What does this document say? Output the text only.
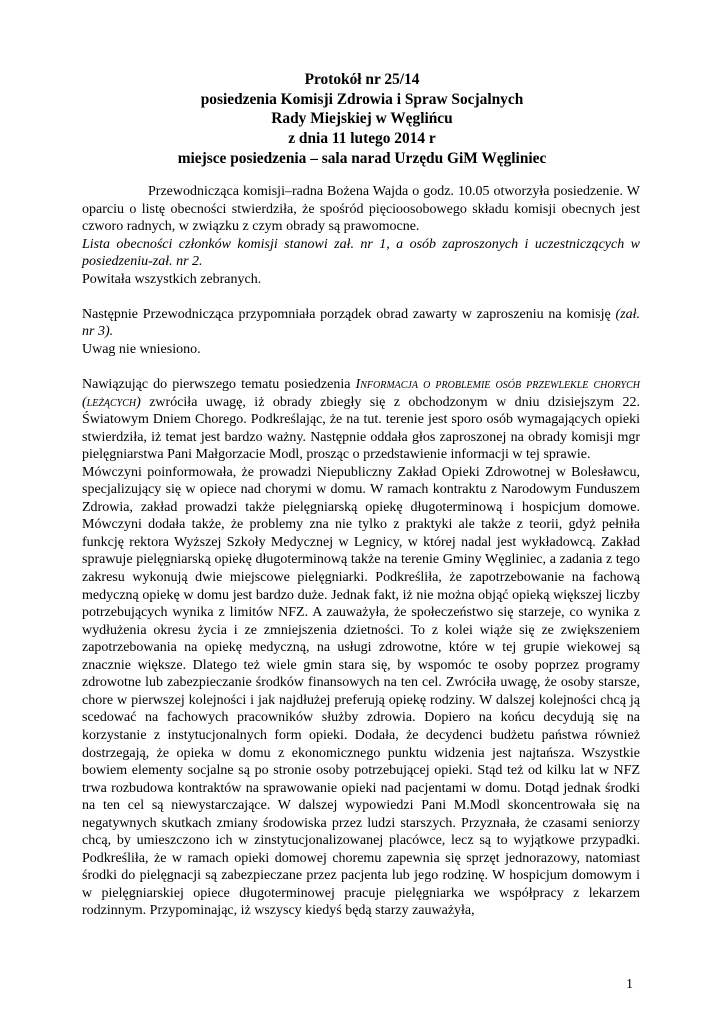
Protokół nr 25/14
posiedzenia Komisji Zdrowia i Spraw Socjalnych
Rady Miejskiej w Węglińcu
z dnia 11 lutego 2014 r
miejsce posiedzenia – sala narad Urzędu GiM Węgliniec

Przewodnicząca komisji–radna Bożena Wajda o godz. 10.05 otworzyła posiedzenie. W oparciu o listę obecności stwierdziła, że spośród pięcioosobowego składu komisji obecnych jest czworo radnych, w związku z czym obrady są prawomocne.

Lista obecności członków komisji stanowi zał. nr 1, a osób zaproszonych i uczestniczących w posiedzeniu-zał. nr 2.

Powitała wszystkich zebranych.

Następnie Przewodnicząca przypomniała porządek obrad zawarty w zaproszeniu na komisję (zał. nr 3).

Uwag nie wniesiono.

Nawiązując do pierwszego tematu posiedzenia Informacja o problemie osób przewlekle chorych (leżących) zwróciła uwagę, iż obrady zbiegły się z obchodzonym w dniu dzisiejszym 22. Światowym Dniem Chorego. Podkreślając, że na tut. terenie jest sporo osób wymagających opieki stwierdziła, iż temat jest bardzo ważny. Następnie oddała głos zaproszonej na obrady komisji mgr pielęgniarstwa Pani Małgorzacie Modl, prosząc o przedstawienie informacji w tej sprawie.

Mówczyni poinformowała, że prowadzi Niepubliczny Zakład Opieki Zdrowotnej w Bolesławcu, specjalizujący się w opiece nad chorymi w domu. W ramach kontraktu z Narodowym Funduszem Zdrowia, zakład prowadzi także pielęgniarską opiekę długoterminową i hospicjum domowe. Mówczyni dodała także, że problemy zna nie tylko z praktyki ale także z teorii, gdyż pełniła funkcję rektora Wyższej Szkoły Medycznej w Legnicy, w której nadal jest wykładowcą. Zakład sprawuje pielęgniarską opiekę długoterminową także na terenie Gminy Węgliniec, a zadania z tego zakresu wykonują dwie miejscowe pielęgniarki. Podkreśliła, że zapotrzebowanie na fachową medyczną opiekę w domu jest bardzo duże. Jednak fakt, iż nie można objąć opieką większej liczby potrzebujących wynika z limitów NFZ. A zauważyła, że społeczeństwo się starzeje, co wynika z wydłużenia okresu życia i ze zmniejszenia dzietności. To z kolei wiąże się ze zwiększeniem zapotrzebowania na opiekę medyczną, na usługi zdrowotne, które w tej grupie wiekowej są znacznie większe. Dlatego też wiele gmin stara się, by wspomóc te osoby poprzez programy zdrowotne lub zabezpieczanie środków finansowych na ten cel. Zwróciła uwagę, że osoby starsze, chore w pierwszej kolejności i jak najdłużej preferują opiekę rodziny. W dalszej kolejności chcą ją scedować na fachowych pracowników służby zdrowia. Dopiero na końcu decydują się na korzystanie z instytucjonalnych form opieki. Dodała, że decydenci budżetu państwa również dostrzegają, że opieka w domu z ekonomicznego punktu widzenia jest najtańsza. Wszystkie bowiem elementy socjalne są po stronie osoby potrzebującej opieki. Stąd też od kilku lat w NFZ trwa rozbudowa kontraktów na sprawowanie opieki nad pacjentami w domu. Dotąd jednak środki na ten cel są niewystarczające. W dalszej wypowiedzi Pani M.Modl skoncentrowała się na negatywnych skutkach zmiany środowiska przez ludzi starszych. Przyznała, że czasami seniorzy chcą, by umieszczono ich w zinstytucjonalizowanej placówce, lecz są to wyjątkowe przypadki. Podkreśliła, że w ramach opieki domowej choremu zapewnia się sprzęt jednorazowy, natomiast środki do pielęgnacji są zabezpieczane przez pacjenta lub jego rodzinę. W hospicjum domowym i w pielęgniarskiej opiece długoterminowej pracuje pielęgniarka we współpracy z lekarzem rodzinnym. Przypominając, iż wszyscy kiedyś będą starzy zauważyła,

1
